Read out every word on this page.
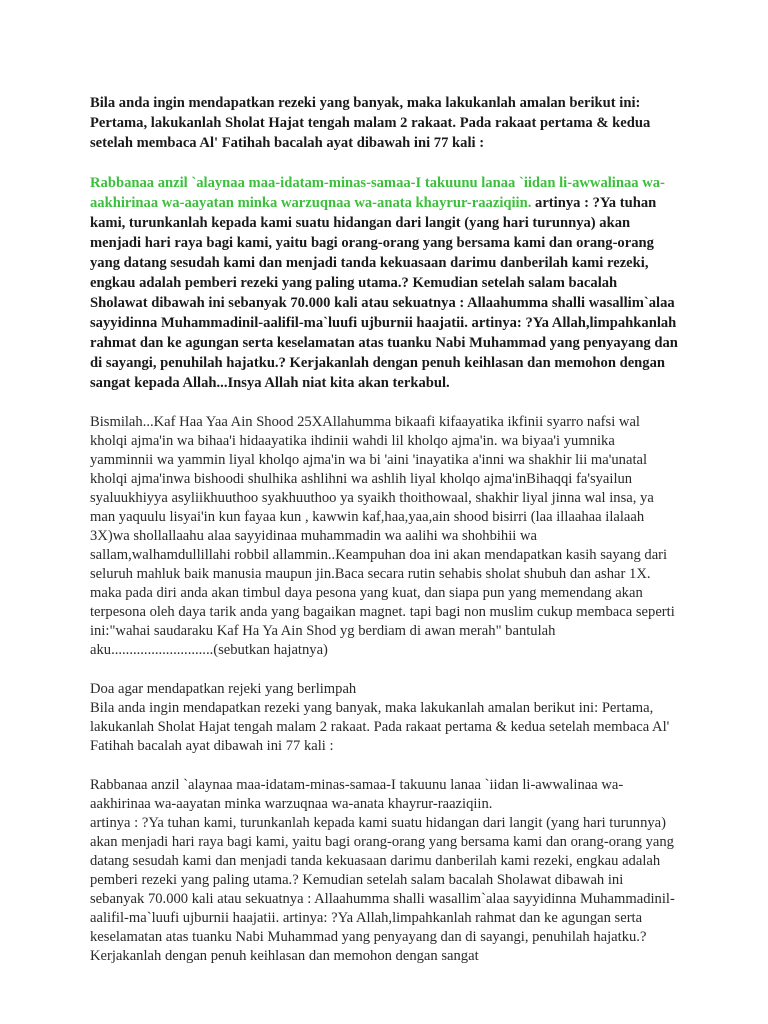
Bila anda ingin mendapatkan rezeki yang banyak, maka lakukanlah amalan berikut ini: Pertama, lakukanlah Sholat Hajat tengah malam 2 rakaat. Pada rakaat pertama & kedua setelah membaca Al' Fatihah bacalah ayat dibawah ini 77 kali :

Rabbanaa anzil `alaynaa maa-idatam-minas-samaa-I takuunu lanaa `iidan li-awwalinaa wa-aakhirinaa wa-aayatan minka warzuqnaa wa-anata khayrur-raaziqiin. artinya : ?Ya tuhan kami, turunkanlah kepada kami suatu hidangan dari langit (yang hari turunnya) akan menjadi hari raya bagi kami, yaitu bagi orang-orang yang bersama kami dan orang-orang yang datang sesudah kami dan menjadi tanda kekuasaan darimu danberilah kami rezeki, engkau adalah pemberi rezeki yang paling utama.? Kemudian setelah salam bacalah Sholawat dibawah ini sebanyak 70.000 kali atau sekuatnya : Allaahumma shalli wasallim`alaa sayyidinna Muhammadinil-aalifil-ma`luufi ujburnii haajatii. artinya: ?Ya Allah,limpahkanlah rahmat dan ke agungan serta keselamatan atas tuanku Nabi Muhammad yang penyayang dan di sayangi, penuhilah hajatku.? Kerjakanlah dengan penuh keihlasan dan memohon dengan sangat kepada Allah...Insya Allah niat kita akan terkabul.

Bismilah...Kaf Haa Yaa Ain Shood 25XAllahumma bikaafi kifaayatika ikfinii syarro nafsi wal kholqi ajma'in wa bihaa'i hidaayatika ihdinii wahdi lil kholqo ajma'in. wa biyaa'i yumnika yamminnii wa yammin liyal kholqo ajma'in wa bi 'aini 'inayatika a'inni wa shakhir lii ma'unatal kholqi ajma'inwa bishoodi shulhika ashlihni wa ashlih liyal kholqo ajma'inBihaqqi fa'syailun syaluukhiyya asyliikhuuthoo syakhuuthoo ya syaikh thoithowaal, shakhir liyal jinna wal insa, ya man yaquulu lisyai'in kun fayaa kun , kawwin kaf,haa,yaa,ain shood bisirri (laa illaahaa ilalaah 3X)wa shollallaahu alaa sayyidinaa muhammadin wa aalihi wa shohbihii wa sallam,walhamdullillahi robbil allammin..Keampuhan doa ini akan mendapatkan kasih sayang dari seluruh mahluk baik manusia maupun jin.Baca secara rutin sehabis sholat shubuh dan ashar 1X. maka pada diri anda akan timbul daya pesona yang kuat, dan siapa pun yang memendang akan terpesona oleh daya tarik anda yang bagaikan magnet. tapi bagi non muslim cukup membaca seperti ini:"wahai saudaraku Kaf Ha Ya Ain Shod yg berdiam di awan merah" bantulah aku............................(sebutkan hajatnya)

Doa agar mendapatkan rejeki yang berlimpah
Bila anda ingin mendapatkan rezeki yang banyak, maka lakukanlah amalan berikut ini: Pertama, lakukanlah Sholat Hajat tengah malam 2 rakaat. Pada rakaat pertama & kedua setelah membaca Al' Fatihah bacalah ayat dibawah ini 77 kali :

Rabbanaa anzil `alaynaa maa-idatam-minas-samaa-I takuunu lanaa `iidan li-awwalinaa wa-aakhirinaa wa-aayatan minka warzuqnaa wa-anata khayrur-raaziqiin.
artinya : ?Ya tuhan kami, turunkanlah kepada kami suatu hidangan dari langit (yang hari turunnya) akan menjadi hari raya bagi kami, yaitu bagi orang-orang yang bersama kami dan orang-orang yang datang sesudah kami dan menjadi tanda kekuasaan darimu danberilah kami rezeki, engkau adalah pemberi rezeki yang paling utama.? Kemudian setelah salam bacalah Sholawat dibawah ini sebanyak 70.000 kali atau sekuatnya : Allaahumma shalli wasallim`alaa sayyidinna Muhammadinil-aalifil-ma`luufi ujburnii haajatii. artinya: ?Ya Allah,limpahkanlah rahmat dan ke agungan serta keselamatan atas tuanku Nabi Muhammad yang penyayang dan di sayangi, penuhilah hajatku.? Kerjakanlah dengan penuh keihlasan dan memohon dengan sangat
